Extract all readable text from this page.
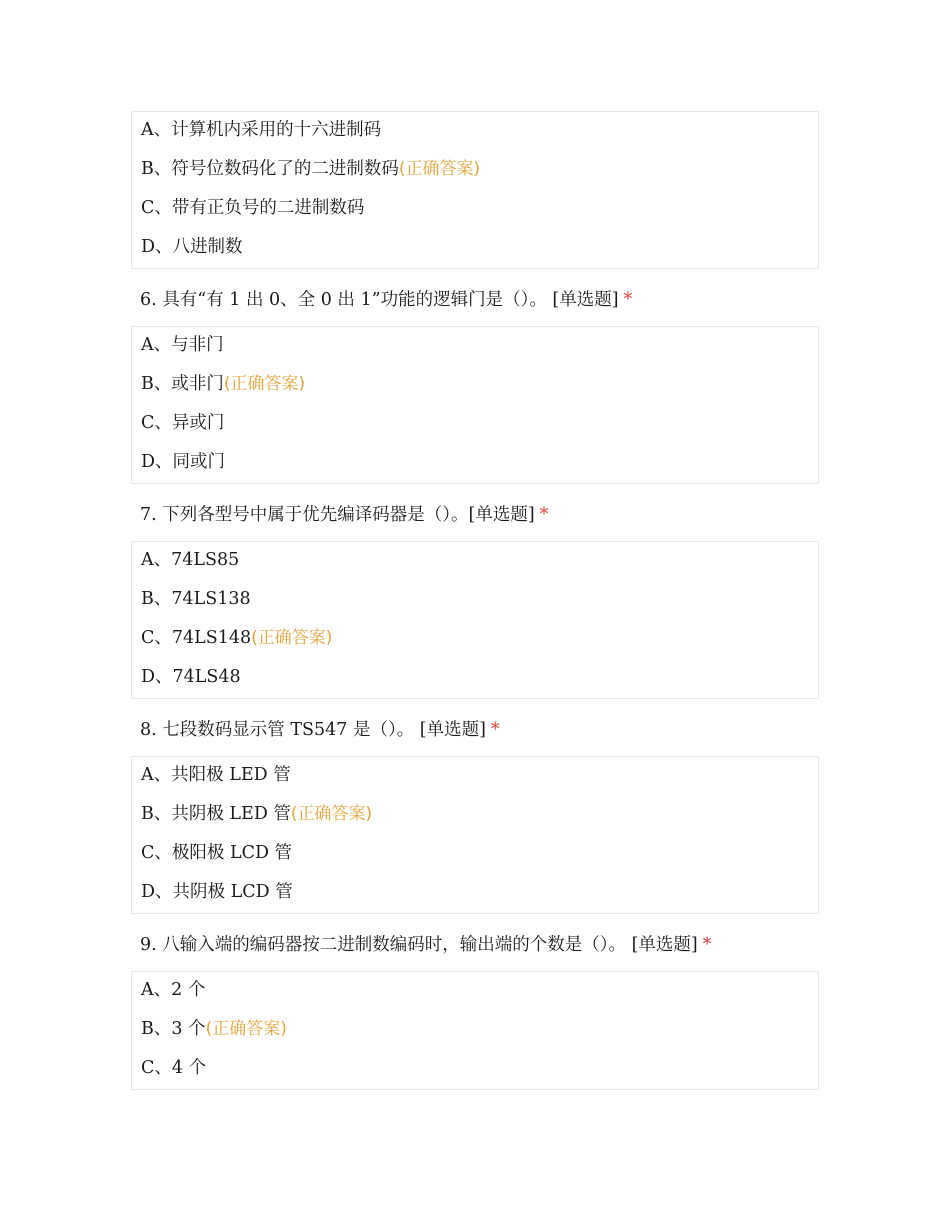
A、计算机内采用的十六进制码
B、符号位数码化了的二进制数码(正确答案)
C、带有正负号的二进制数码
D、八进制数
6. 具有“有 1 出 0、全 0 出 1”功能的逻辑门是（）。 [单选题] *
A、与非门
B、或非门(正确答案)
C、异或门
D、同或门
7. 下列各型号中属于优先编译码器是（）。[单选题] *
A、74LS85
B、74LS138
C、74LS148(正确答案)
D、74LS48
8. 七段数码显示管 TS547 是（）。 [单选题] *
A、共阳极 LED 管
B、共阴极 LED 管(正确答案)
C、极阳极 LCD 管
D、共阴极 LCD 管
9. 八输入端的编码器按二进制数编码时，输出端的个数是（）。 [单选题] *
A、2 个
B、3 个(正确答案)
C、4 个
